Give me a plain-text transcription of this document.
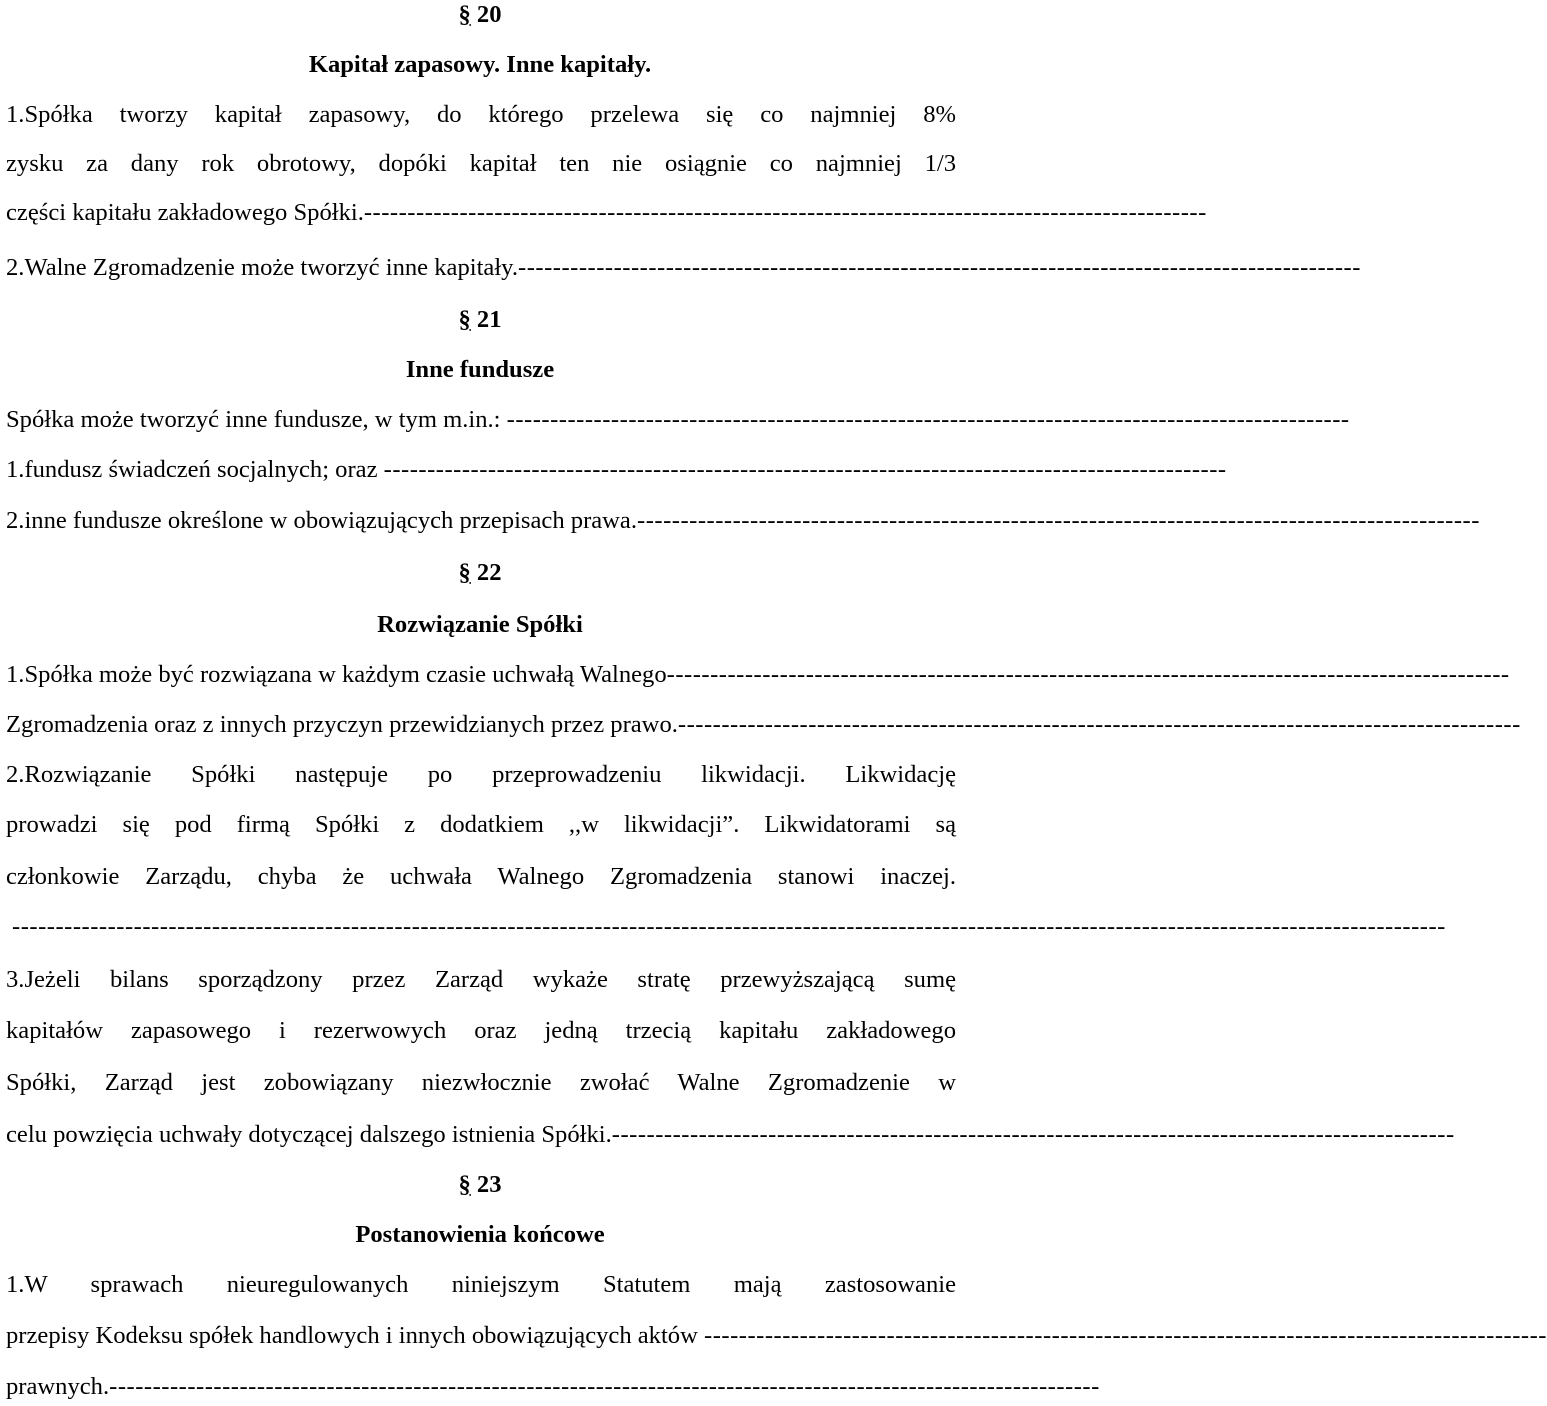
§ 20
Kapitał zapasowy. Inne kapitały.
1.Spółka tworzy kapitał zapasowy, do którego przelewa się co najmniej 8%
zysku za dany rok obrotowy, dopóki kapitał ten nie osiągnie co najmniej 1/3
części kapitału zakładowego Spółki. -------------------------------------------------------------------------------------------------
2.Walne Zgromadzenie może tworzyć inne kapitały. -------------------------------------------------------------------------------------------------
§ 21
Inne fundusze
Spółka może tworzyć inne fundusze, w tym m.in.: -------------------------------------------------------------------------------------------------
1.fundusz świadczeń socjalnych; oraz -------------------------------------------------------------------------------------------------
2.inne fundusze określone w obowiązujących przepisach prawa. -------------------------------------------------------------------------------------------------
§ 22
Rozwiązanie Spółki
1.Spółka może być rozwiązana w każdym czasie uchwałą Walnego -------------------------------------------------------------------------------------------------
Zgromadzenia oraz z innych przyczyn przewidzianych przez prawo. -------------------------------------------------------------------------------------------------
2.Rozwiązanie Spółki następuje po przeprowadzeniu likwidacji. Likwidację
prowadzi się pod firmą Spółki z dodatkiem ,,w likwidacji”. Likwidatorami są
członkowie Zarządu, chyba że uchwała Walnego Zgromadzenia stanowi inaczej.
---------------------------------------------------------------------------------------------------------------------------------------------------------------------
3.Jeżeli bilans sporządzony przez Zarząd wykaże stratę przewyższającą sumę
kapitałów zapasowego i rezerwowych oraz jedną trzecią kapitału zakładowego
Spółki, Zarząd jest zobowiązany niezwłocznie zwołać Walne Zgromadzenie w
celu powzięcia uchwały dotyczącej dalszego istnienia Spółki. -------------------------------------------------------------------------------------------------
§ 23
Postanowienia końcowe
1.W sprawach nieuregulowanych niniejszym Statutem mają zastosowanie
przepisy Kodeksu spółek handlowych i innych obowiązujących aktów -------------------------------------------------------------------------------------------------
prawnych. ------------------------------------------------------------------------------------------------------------------
